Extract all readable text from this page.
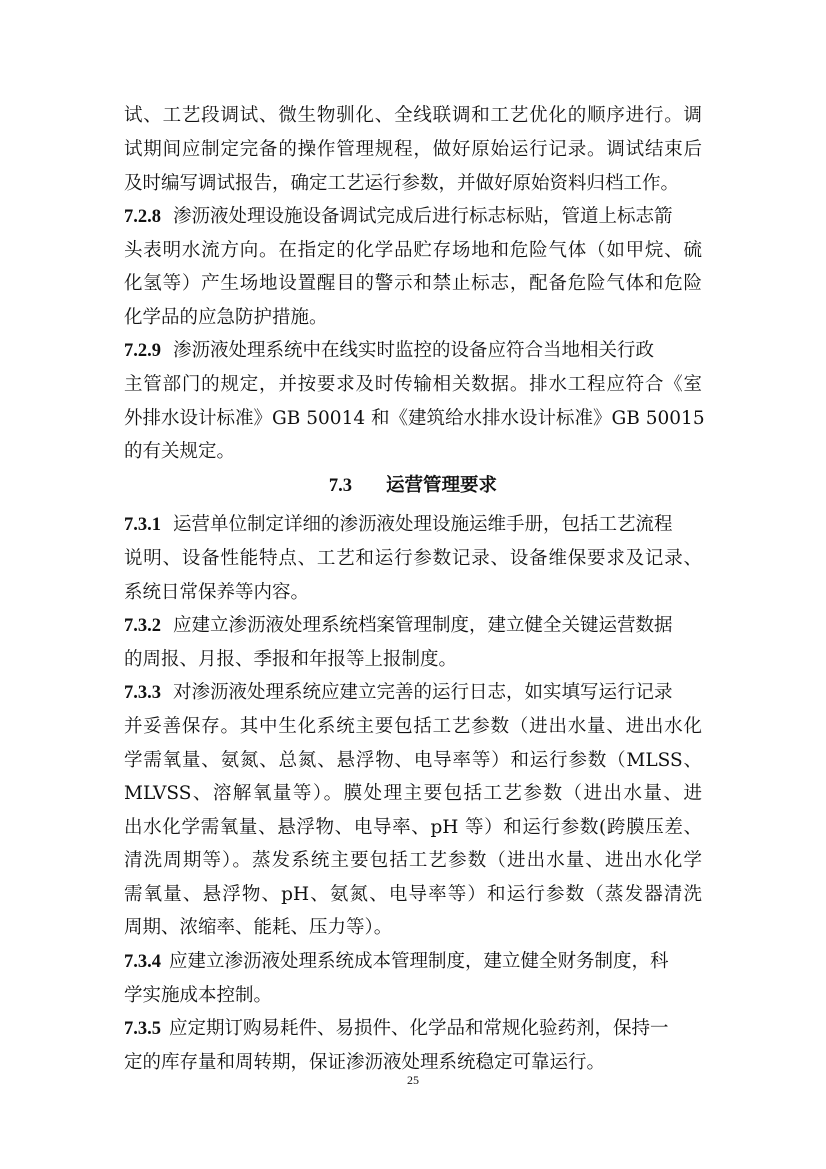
试、工艺段调试、微生物驯化、全线联调和工艺优化的顺序进行。调
试期间应制定完备的操作管理规程，做好原始运行记录。调试结束后
及时编写调试报告，确定工艺运行参数，并做好原始资料归档工作。
7.2.8 渗沥液处理设施设备调试完成后进行标志标贴，管道上标志箭
头表明水流方向。在指定的化学品贮存场地和危险气体（如甲烷、硫
化氢等）产生场地设置醒目的警示和禁止标志，配备危险气体和危险
化学品的应急防护措施。
7.2.9 渗沥液处理系统中在线实时监控的设备应符合当地相关行政
主管部门的规定，并按要求及时传输相关数据。排水工程应符合《室
外排水设计标准》GB 50014 和《建筑给水排水设计标准》GB 50015
的有关规定。
7.3 运营管理要求
7.3.1 运营单位制定详细的渗沥液处理设施运维手册，包括工艺流程
说明、设备性能特点、工艺和运行参数记录、设备维保要求及记录、
系统日常保养等内容。
7.3.2 应建立渗沥液处理系统档案管理制度，建立健全关键运营数据
的周报、月报、季报和年报等上报制度。
7.3.3 对渗沥液处理系统应建立完善的运行日志，如实填写运行记录
并妥善保存。其中生化系统主要包括工艺参数（进出水量、进出水化
学需氧量、氨氮、总氮、悬浮物、电导率等）和运行参数（MLSS、
MLVSS、溶解氧量等）。膜处理主要包括工艺参数（进出水量、进
出水化学需氧量、悬浮物、电导率、pH 等）和运行参数(跨膜压差、
清洗周期等）。蒸发系统主要包括工艺参数（进出水量、进出水化学
需氧量、悬浮物、pH、氨氮、电导率等）和运行参数（蒸发器清洗
周期、浓缩率、能耗、压力等）。
7.3.4 应建立渗沥液处理系统成本管理制度，建立健全财务制度，科
学实施成本控制。
7.3.5 应定期订购易耗件、易损件、化学品和常规化验药剂，保持一
定的库存量和周转期，保证渗沥液处理系统稳定可靠运行。
25
